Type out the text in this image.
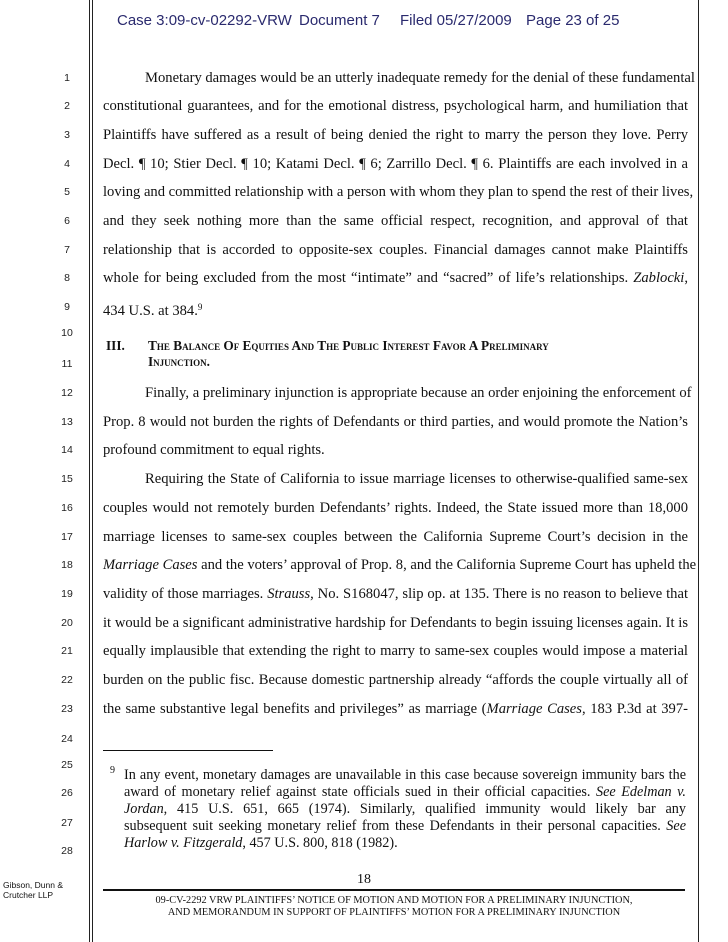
Case 3:09-cv-02292-VRW Document 7 Filed 05/27/2009 Page 23 of 25
1
2
3
4
5
6
7
8
9
10
11
12
13
14
15
16
17
18
19
20
21
22
23
24
25
26
27
28
Monetary damages would be an utterly inadequate remedy for the denial of these fundamental
constitutional guarantees, and for the emotional distress, psychological harm, and humiliation that
Plaintiffs have suffered as a result of being denied the right to marry the person they love. Perry
Decl. ¶ 10; Stier Decl. ¶ 10; Katami Decl. ¶ 6; Zarrillo Decl. ¶ 6. Plaintiffs are each involved in a
loving and committed relationship with a person with whom they plan to spend the rest of their lives,
and they seek nothing more than the same official respect, recognition, and approval of that
relationship that is accorded to opposite-sex couples. Financial damages cannot make Plaintiffs
whole for being excluded from the most “intimate” and “sacred” of life’s relationships. Zablocki,
434 U.S. at 384.$^9$
III. The Balance Of Equities And The Public Interest Favor A Preliminary
Injunction.
Finally, a preliminary injunction is appropriate because an order enjoining the enforcement of
Prop. 8 would not burden the rights of Defendants or third parties, and would promote the Nation’s
profound commitment to equal rights.
Requiring the State of California to issue marriage licenses to otherwise-qualified same-sex
couples would not remotely burden Defendants’ rights. Indeed, the State issued more than 18,000
marriage licenses to same-sex couples between the California Supreme Court’s decision in the
Marriage Cases and the voters’ approval of Prop. 8, and the California Supreme Court has upheld the
validity of those marriages. Strauss, No. S168047, slip op. at 135. There is no reason to believe that
it would be a significant administrative hardship for Defendants to begin issuing licenses again. It is
equally implausible that extending the right to marry to same-sex couples would impose a material
burden on the public fisc. Because domestic partnership already “affords the couple virtually all of
the same substantive legal benefits and privileges” as marriage (Marriage Cases, 183 P.3d at 397-
9 In any event, monetary damages are unavailable in this case because sovereign immunity bars the
award of monetary relief against state officials sued in their official capacities. See Edelman v.
Jordan, 415 U.S. 651, 665 (1974). Similarly, qualified immunity would likely bar any
subsequent suit seeking monetary relief from these Defendants in their personal capacities. See
Harlow v. Fitzgerald, 457 U.S. 800, 818 (1982).
18
Gibson, Dunn &
Crutcher LLP	09-CV-2292 VRW PLAINTIFFS’ NOTICE OF MOTION AND MOTION FOR A PRELIMINARY INJUNCTION,
AND MEMORANDUM IN SUPPORT OF PLAINTIFFS’ MOTION FOR A PRELIMINARY INJUNCTION
